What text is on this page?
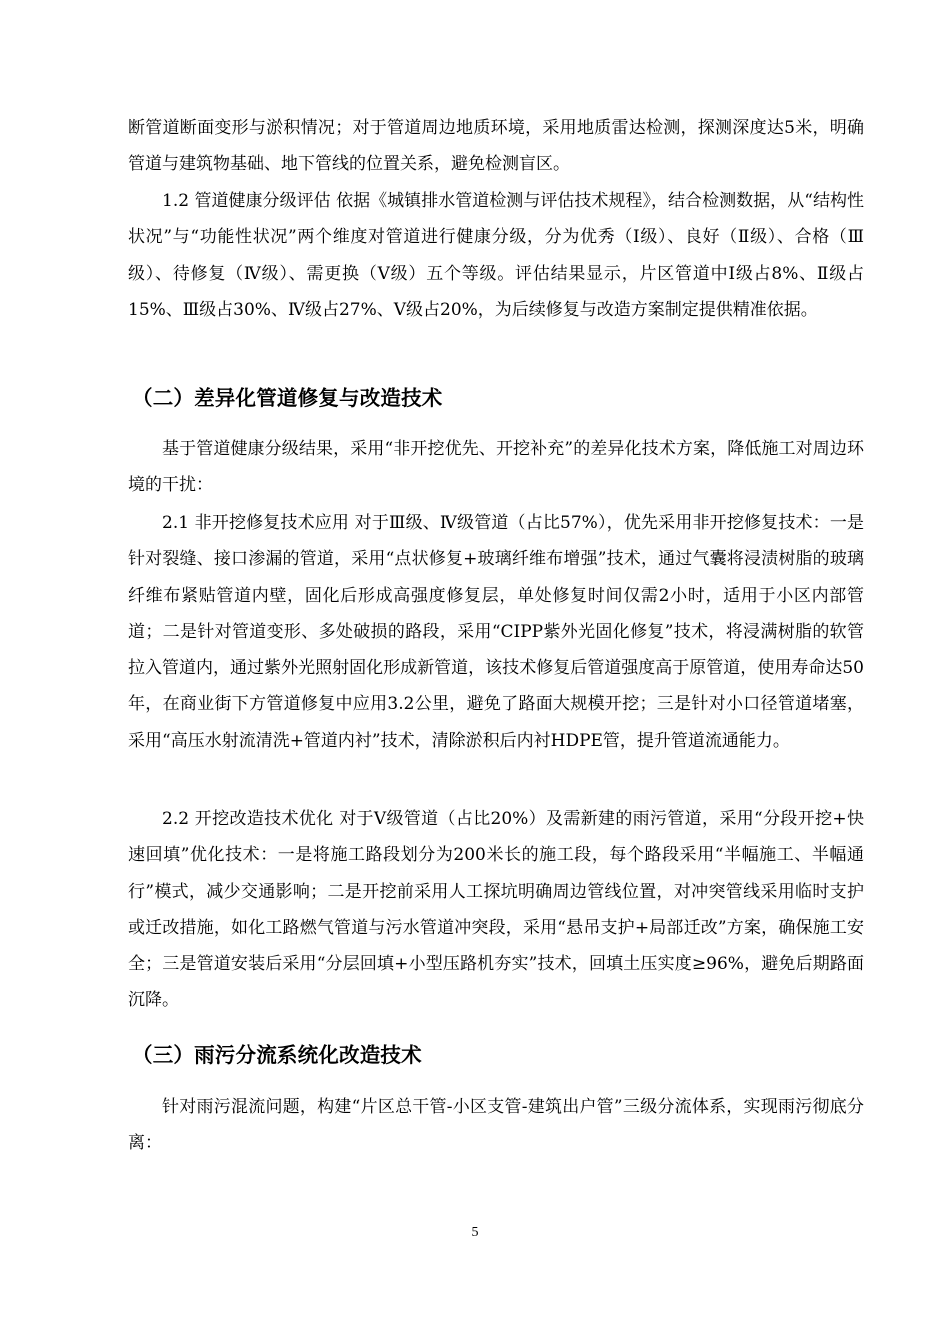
断管道断面变形与淤积情况；对于管道周边地质环境，采用地质雷达检测，探测深度达5米，明确管道与建筑物基础、地下管线的位置关系，避免检测盲区。

1.2 管道健康分级评估 依据《城镇排水管道检测与评估技术规程》，结合检测数据，从“结构性状况”与“功能性状况”两个维度对管道进行健康分级，分为优秀（Ⅰ级）、良好（Ⅱ级）、合格（Ⅲ级）、待修复（Ⅳ级）、需更换（Ⅴ级）五个等级。评估结果显示，片区管道中Ⅰ级占8%、Ⅱ级占15%、Ⅲ级占30%、Ⅳ级占27%、Ⅴ级占20%，为后续修复与改造方案制定提供精准依据。

（二）差异化管道修复与改造技术

基于管道健康分级结果，采用“非开挖优先、开挖补充”的差异化技术方案，降低施工对周边环境的干扰：

2.1 非开挖修复技术应用 对于Ⅲ级、Ⅳ级管道（占比57%），优先采用非开挖修复技术：一是针对裂缝、接口渗漏的管道，采用“点状修复+玻璃纤维布增强”技术，通过气囊将浸渍树脂的玻璃纤维布紧贴管道内壁，固化后形成高强度修复层，单处修复时间仅需2小时，适用于小区内部管道；二是针对管道变形、多处破损的路段，采用“CIPP紫外光固化修复”技术，将浸满树脂的软管拉入管道内，通过紫外光照射固化形成新管道，该技术修复后管道强度高于原管道，使用寿命达50年，在商业街下方管道修复中应用3.2公里，避免了路面大规模开挖；三是针对小口径管道堵塞，采用“高压水射流清洗+管道内衬”技术，清除淤积后内衬HDPE管，提升管道流通能力。

2.2 开挖改造技术优化 对于Ⅴ级管道（占比20%）及需新建的雨污管道，采用“分段开挖+快速回填”优化技术：一是将施工路段划分为200米长的施工段，每个路段采用“半幅施工、半幅通行”模式，减少交通影响；二是开挖前采用人工探坑明确周边管线位置，对冲突管线采用临时支护或迁改措施，如化工路燃气管道与污水管道冲突段，采用“悬吊支护+局部迁改”方案，确保施工安全；三是管道安装后采用“分层回填+小型压路机夯实”技术，回填土压实度≥96%，避免后期路面沉降。

（三）雨污分流系统化改造技术

针对雨污混流问题，构建“片区总干管-小区支管-建筑出户管”三级分流体系，实现雨污彻底分离：

5
